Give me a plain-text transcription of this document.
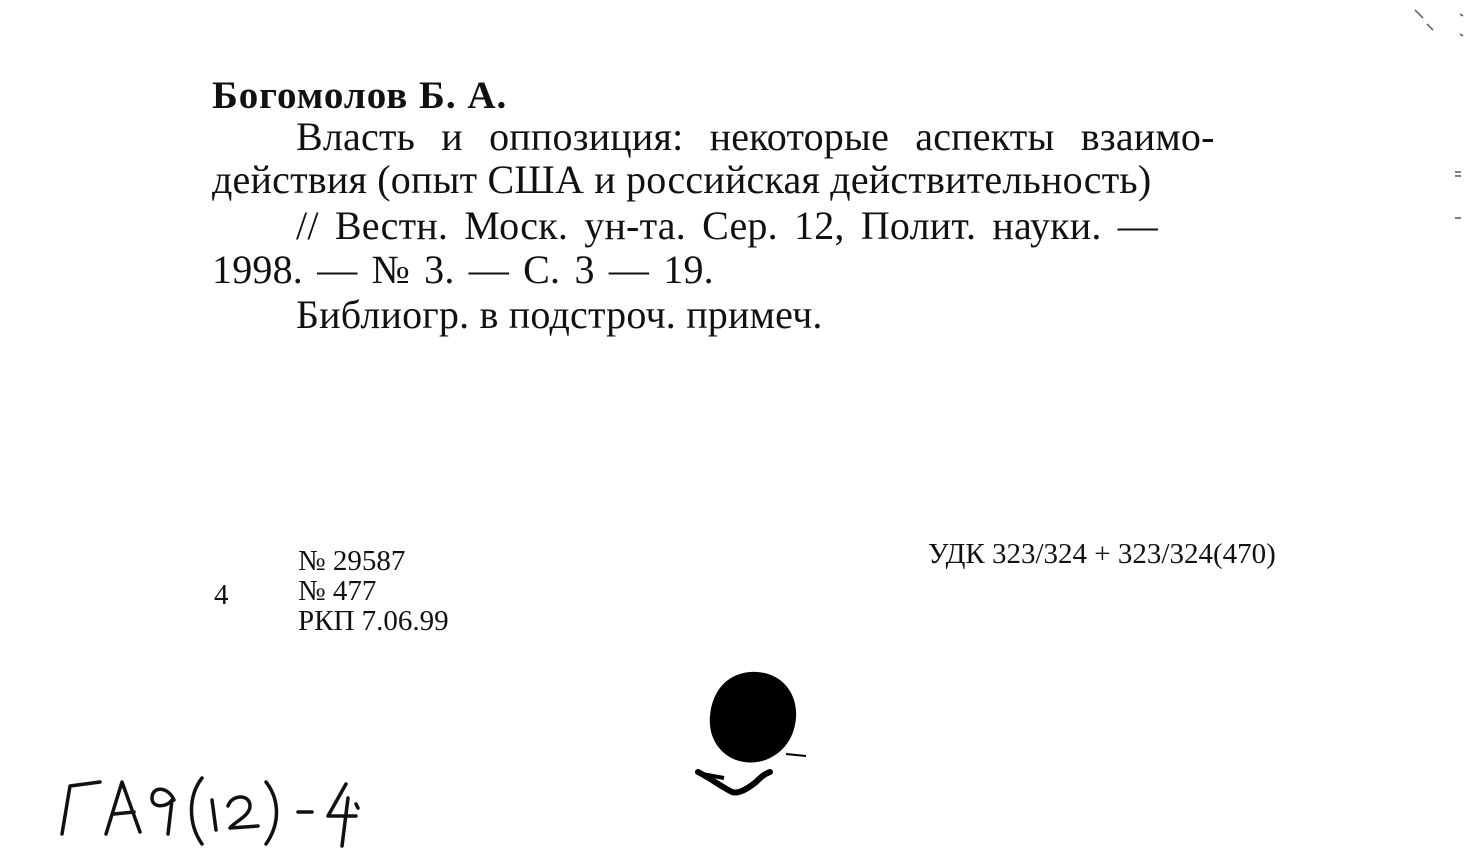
Богомолов Б. А.
Власть и оппозиция: некоторые аспекты взаимо-
действия (опыт США и российская действительность)
// Вестн. Моск. ун-та. Сер. 12, Полит. науки. —
1998. — № 3. — С. 3 — 19.
Библиогр. в подстроч. примеч.
4
№ 29587
№ 477
РКП 7.06.99
УДК 323/324 + 323/324(470)
